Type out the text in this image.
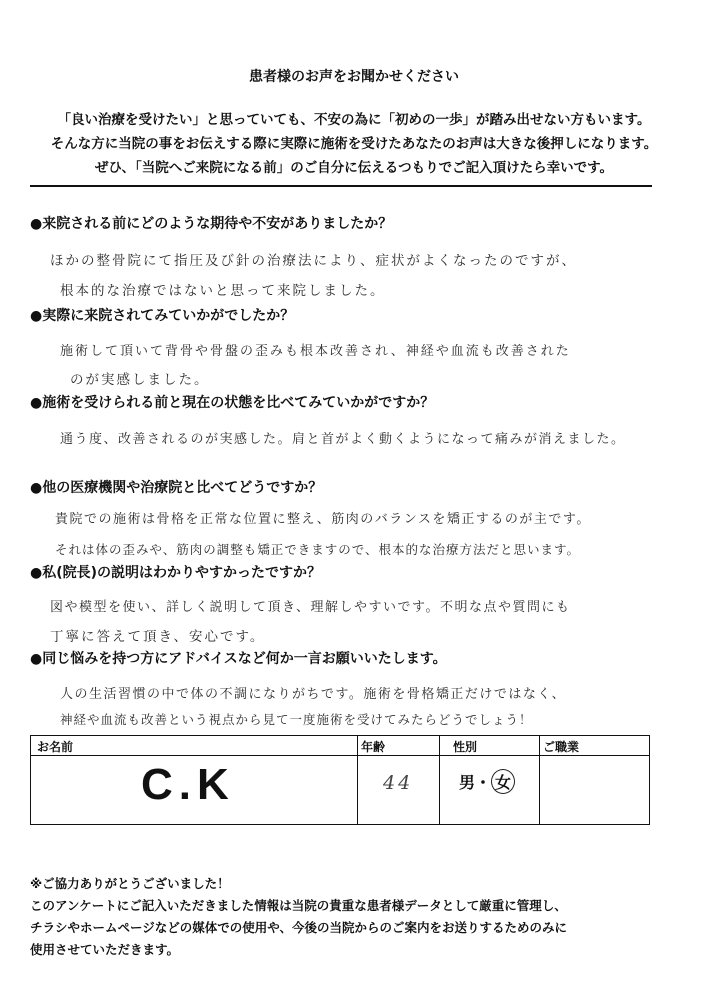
患者様のお声をお聞かせください
「良い治療を受けたい」と思っていても、不安の為に「初めの一歩」が踏み出せない方もいます。
そんな方に当院の事をお伝えする際に実際に施術を受けたあなたのお声は大きな後押しになります。
ぜひ、「当院へご来院になる前」のご自分に伝えるつもりでご記入頂けたら幸いです。
●来院される前にどのような期待や不安がありましたか？
ほかの整骨院にて指圧及び針の治療法により、症状がよくなったのですが、
根本的な治療ではないと思って来院しました。
●実際に来院されてみていかがでしたか？
施術して頂いて背骨や骨盤の歪みも根本改善され、神経や血流も改善された
のが実感しました。
●施術を受けられる前と現在の状態を比べてみていかがですか？
通う度、改善されるのが実感した。肩と首がよく動くようになって痛みが消えました。
●他の医療機関や治療院と比べてどうですか？
貴院での施術は骨格を正常な位置に整え、筋肉のバランスを矯正するのが主です。
それは体の歪みや、筋肉の調整も矯正できますので、根本的な治療方法だと思います。
●私(院長)の説明はわかりやすかったですか？
図や模型を使い、詳しく説明して頂き、理解しやすいです。不明な点や質問にも
丁寧に答えて頂き、安心です。
●同じ悩みを持つ方にアドバイスなど何か一言お願いいたします。
人の生活習慣の中で体の不調になりがちです。施術を骨格矯正だけではなく、
神経や血流も改善という視点から見て一度施術を受けてみたらどうでしょう！
お名前	年齢	性別	ご職業
C.K	44	男・ 女
※ご協力ありがとうございました！
このアンケートにご記入いただきました情報は当院の貴重な患者様データとして厳重に管理し、
チラシやホームページなどの媒体での使用や、今後の当院からのご案内をお送りするためのみに
使用させていただきます。
